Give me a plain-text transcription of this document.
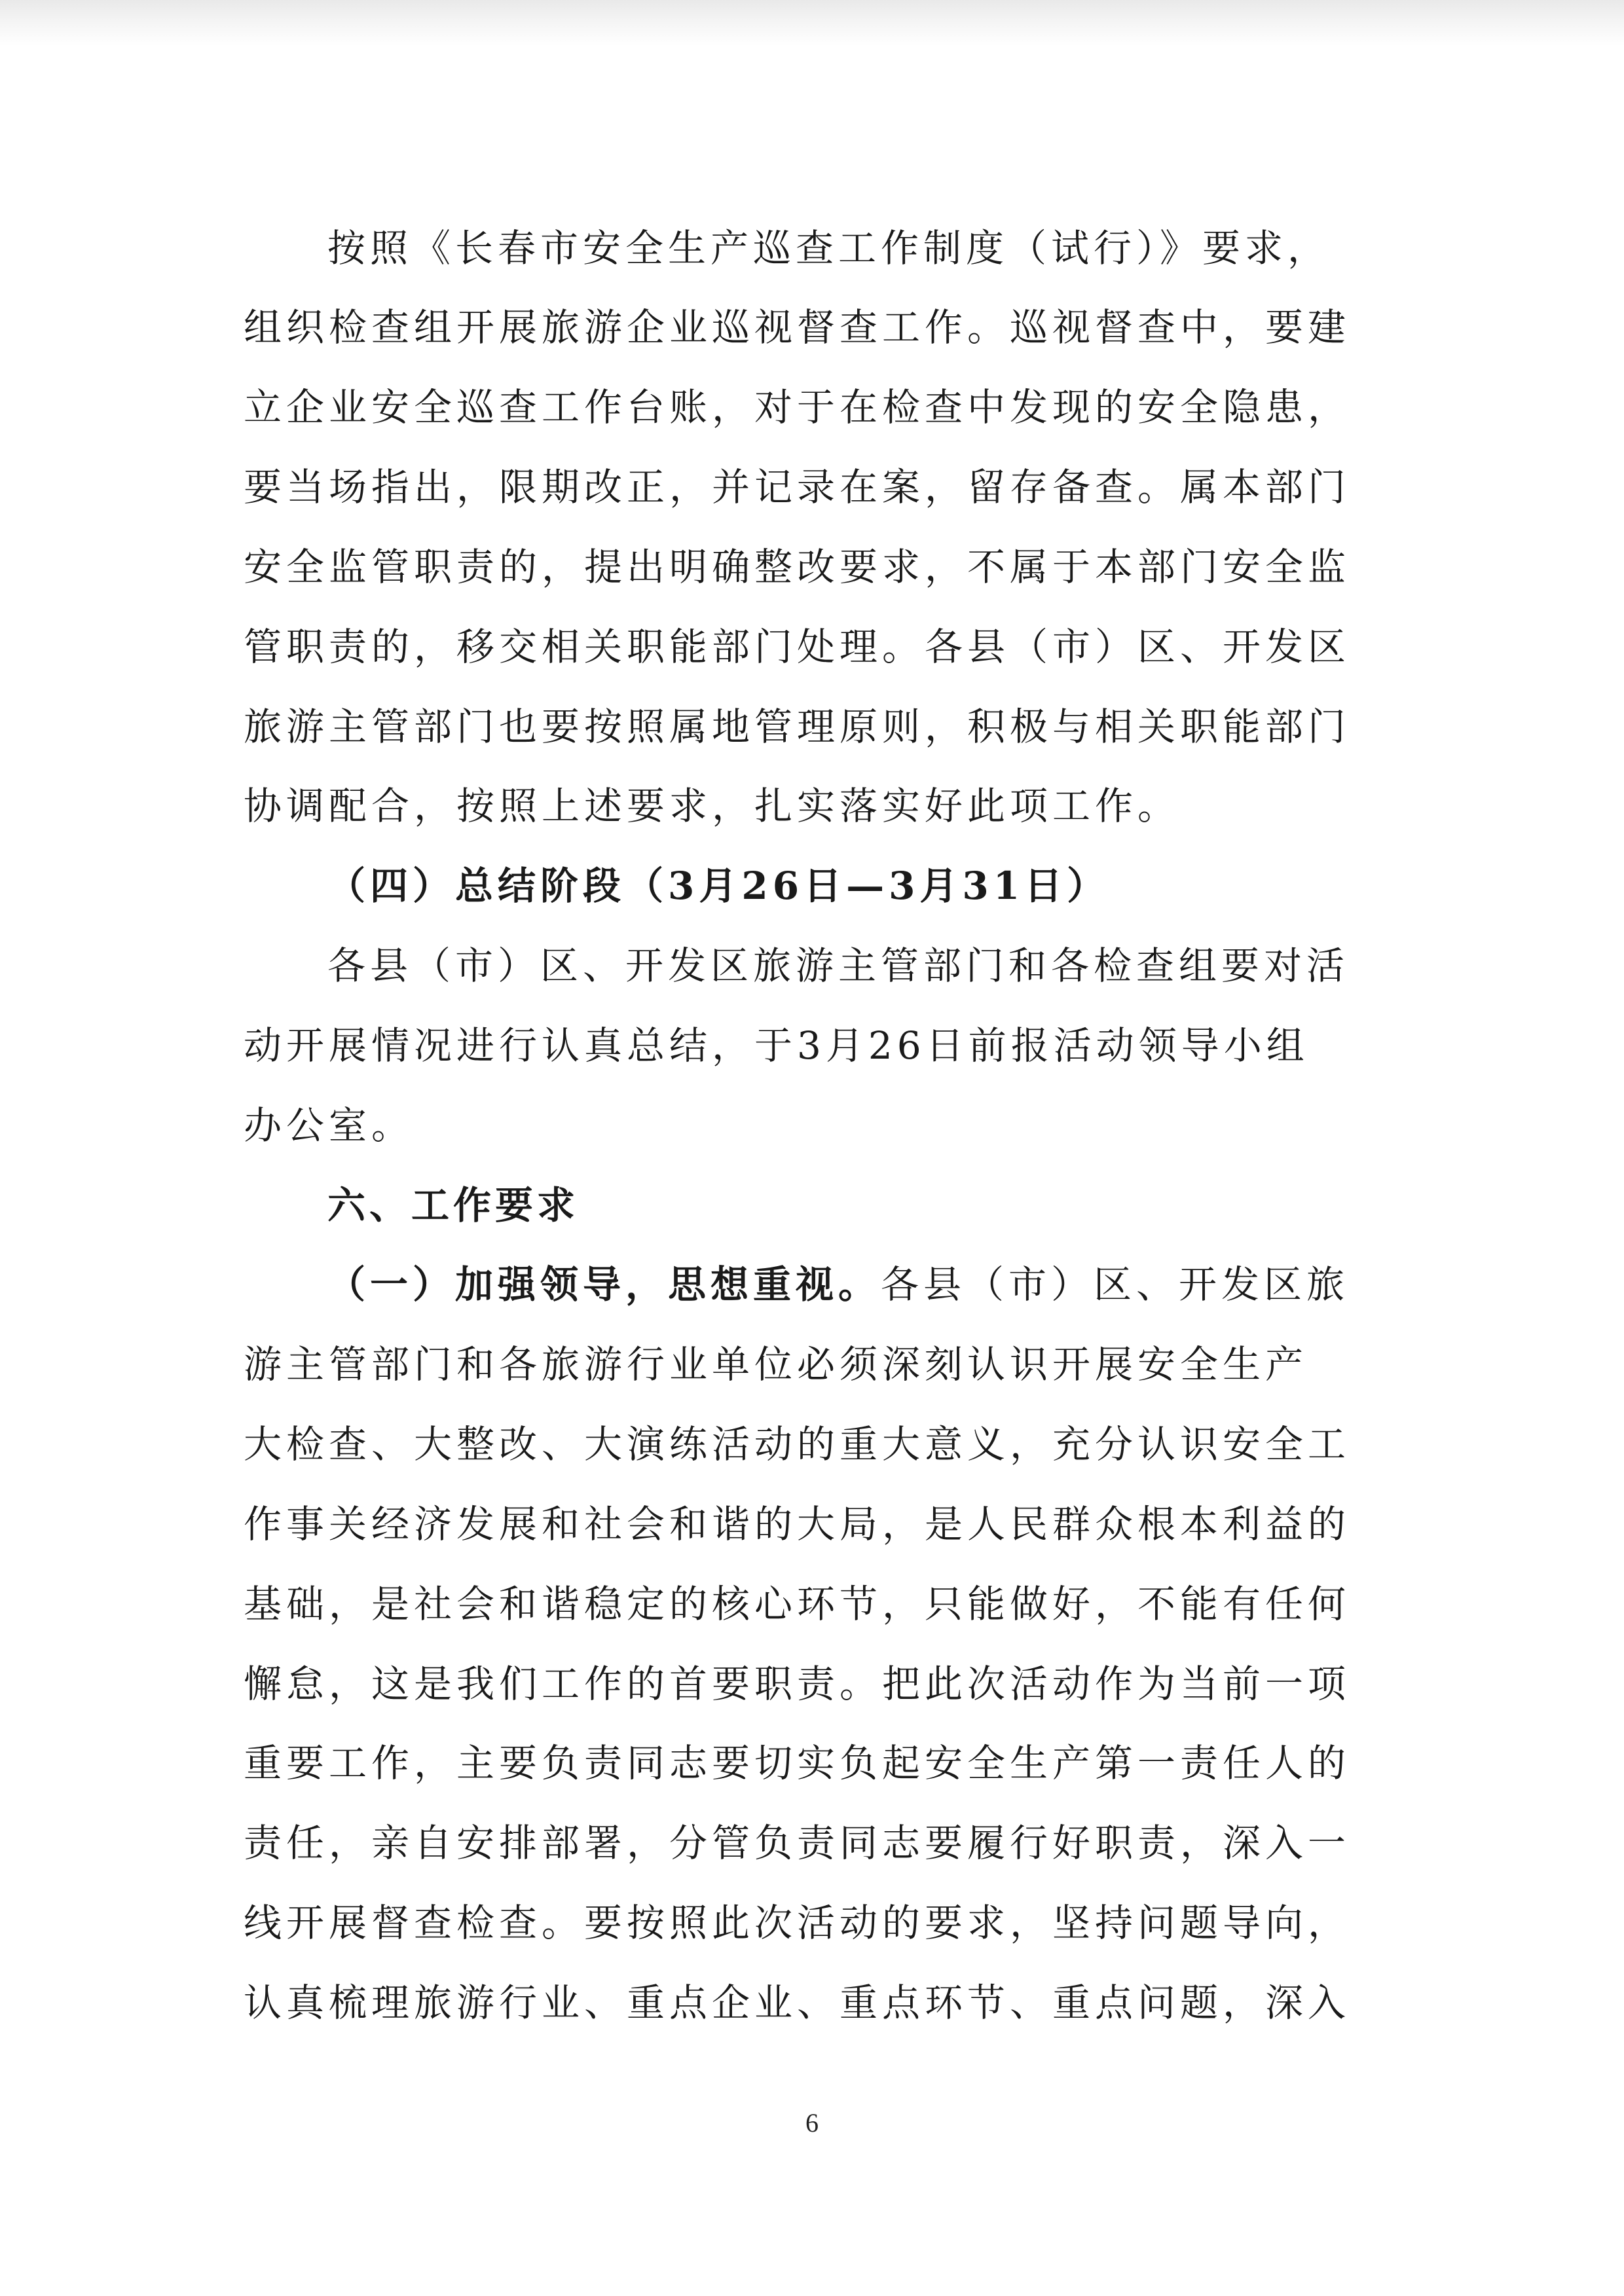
按照《长春市安全生产巡查工作制度（试行）》要求，
组织检查组开展旅游企业巡视督查工作。巡视督查中，要建
立企业安全巡查工作台账，对于在检查中发现的安全隐患，
要当场指出，限期改正，并记录在案，留存备查。属本部门
安全监管职责的，提出明确整改要求，不属于本部门安全监
管职责的，移交相关职能部门处理。各县（市）区、开发区
旅游主管部门也要按照属地管理原则，积极与相关职能部门
协调配合，按照上述要求，扎实落实好此项工作。
（四）总结阶段（3月26日—3月31日）
各县（市）区、开发区旅游主管部门和各检查组要对活
动开展情况进行认真总结，于3月26日前报活动领导小组
办公室。
六、工作要求
（一）加强领导，思想重视。各县（市）区、开发区旅
游主管部门和各旅游行业单位必须深刻认识开展安全生产
大检查、大整改、大演练活动的重大意义，充分认识安全工
作事关经济发展和社会和谐的大局，是人民群众根本利益的
基础，是社会和谐稳定的核心环节，只能做好，不能有任何
懈怠，这是我们工作的首要职责。把此次活动作为当前一项
重要工作，主要负责同志要切实负起安全生产第一责任人的
责任，亲自安排部署，分管负责同志要履行好职责，深入一
线开展督查检查。要按照此次活动的要求，坚持问题导向，
认真梳理旅游行业、重点企业、重点环节、重点问题，深入
6
